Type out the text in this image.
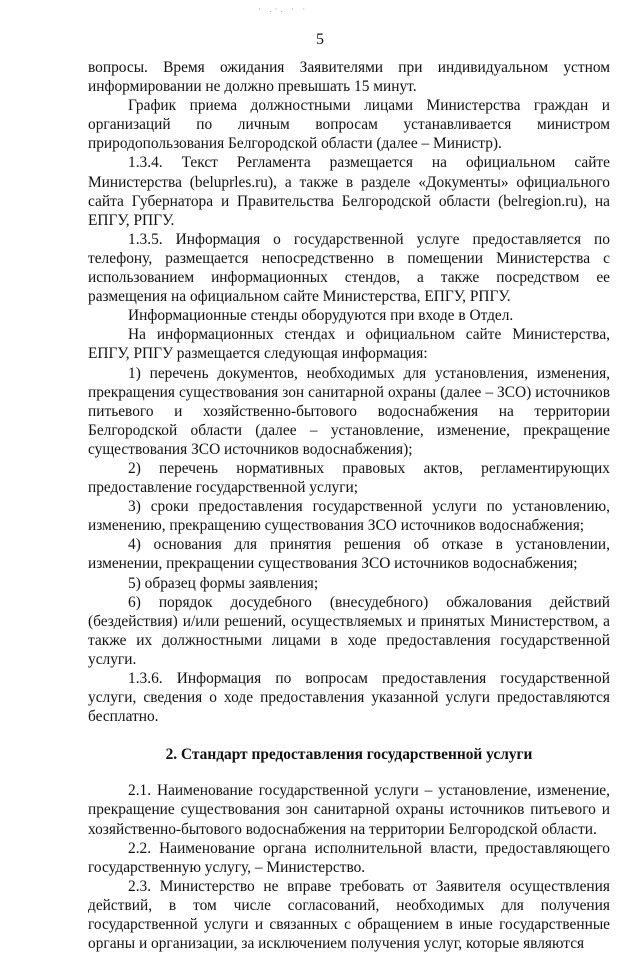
· .·. · ·
5

вопросы. Время ожидания Заявителями при индивидуальном устном информировании не должно превышать 15 минут.

График приема должностными лицами Министерства граждан и организаций по личным вопросам устанавливается министром природопользования Белгородской области (далее – Министр).

1.3.4. Текст Регламента размещается на официальном сайте Министерства (beluprles.ru), а также в разделе «Документы» официального сайта Губернатора и Правительства Белгородской области (belregion.ru), на ЕПГУ, РПГУ.

1.3.5. Информация о государственной услуге предоставляется по телефону, размещается непосредственно в помещении Министерства с использованием информационных стендов, а также посредством ее размещения на официальном сайте Министерства, ЕПГУ, РПГУ.

Информационные стенды оборудуются при входе в Отдел.

На информационных стендах и официальном сайте Министерства, ЕПГУ, РПГУ размещается следующая информация:

1) перечень документов, необходимых для установления, изменения, прекращения существования зон санитарной охраны (далее – ЗСО) источников питьевого и хозяйственно-бытового водоснабжения на территории Белгородской области (далее – установление, изменение, прекращение существования ЗСО источников водоснабжения);

2) перечень нормативных правовых актов, регламентирующих предоставление государственной услуги;

3) сроки предоставления государственной услуги по установлению, изменению, прекращению существования ЗСО источников водоснабжения;

4) основания для принятия решения об отказе в установлении, изменении, прекращении существования ЗСО источников водоснабжения;

5) образец формы заявления;

6) порядок досудебного (внесудебного) обжалования действий (бездействия) и/или решений, осуществляемых и принятых Министерством, а также их должностными лицами в ходе предоставления государственной услуги.

1.3.6. Информация по вопросам предоставления государственной услуги, сведения о ходе предоставления указанной услуги предоставляются бесплатно.

2. Стандарт предоставления государственной услуги

2.1. Наименование государственной услуги – установление, изменение, прекращение существования зон санитарной охраны источников питьевого и хозяйственно-бытового водоснабжения на территории Белгородской области.

2.2. Наименование органа исполнительной власти, предоставляющего государственную услугу, – Министерство.

2.3. Министерство не вправе требовать от Заявителя осуществления действий, в том числе согласований, необходимых для получения государственной услуги и связанных с обращением в иные государственные органы и организации, за исключением получения услуг, которые являются
